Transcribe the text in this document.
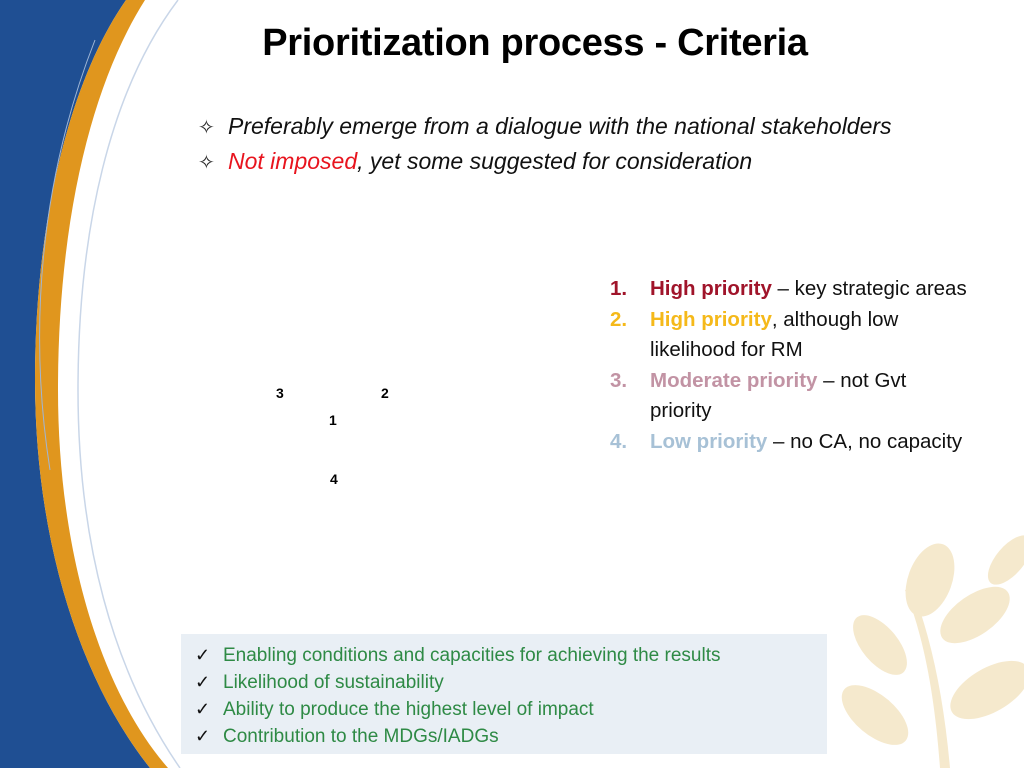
Prioritization process - Criteria
✧ Preferably emerge from a dialogue with the national stakeholders
✧ Not imposed, yet some suggested for consideration
3	2
1
4
1. High priority – key strategic areas
2. High priority, although low likelihood for RM
3. Moderate priority – not Gvt priority
4. Low priority – no CA, no capacity
✓ Enabling conditions and capacities for achieving the results
✓ Likelihood of sustainability
✓ Ability to produce the highest level of impact
✓ Contribution to the MDGs/IADGs
